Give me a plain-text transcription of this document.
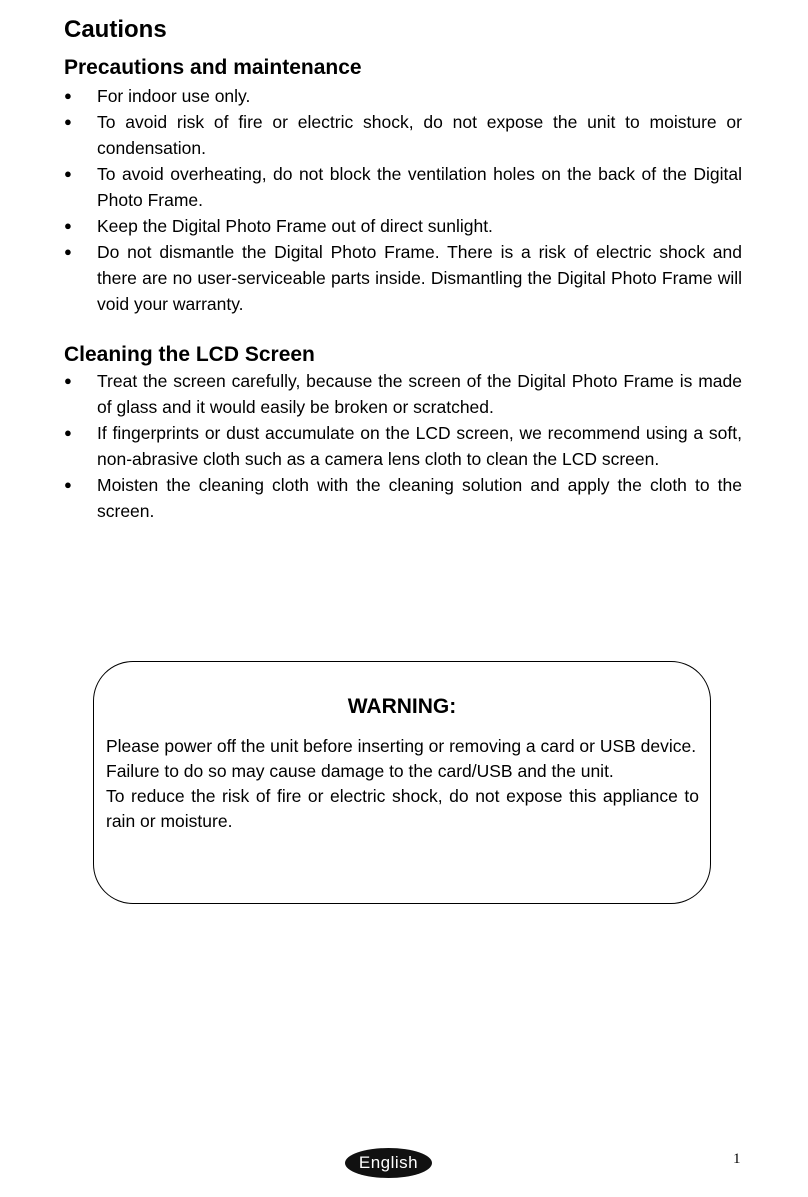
Cautions
Precautions and maintenance
● For indoor use only.
● To avoid risk of fire or electric shock, do not expose the unit to moisture or condensation.
● To avoid overheating, do not block the ventilation holes on the back of the Digital Photo Frame.
● Keep the Digital Photo Frame out of direct sunlight.
● Do not dismantle the Digital Photo Frame. There is a risk of electric shock and there are no user-serviceable parts inside. Dismantling the Digital Photo Frame will void your warranty.
Cleaning the LCD Screen
● Treat the screen carefully, because the screen of the Digital Photo Frame is made of glass and it would easily be broken or scratched.
● If fingerprints or dust accumulate on the LCD screen, we recommend using a soft, non-abrasive cloth such as a camera lens cloth to clean the LCD screen.
● Moisten the cleaning cloth with the cleaning solution and apply the cloth to the screen.
WARNING:

Please power off the unit before inserting or removing a card or USB device.

Failure to do so may cause damage to the card/USB and the unit.

To reduce the risk of fire or electric shock, do not expose this appliance to rain or moisture.

English	1
